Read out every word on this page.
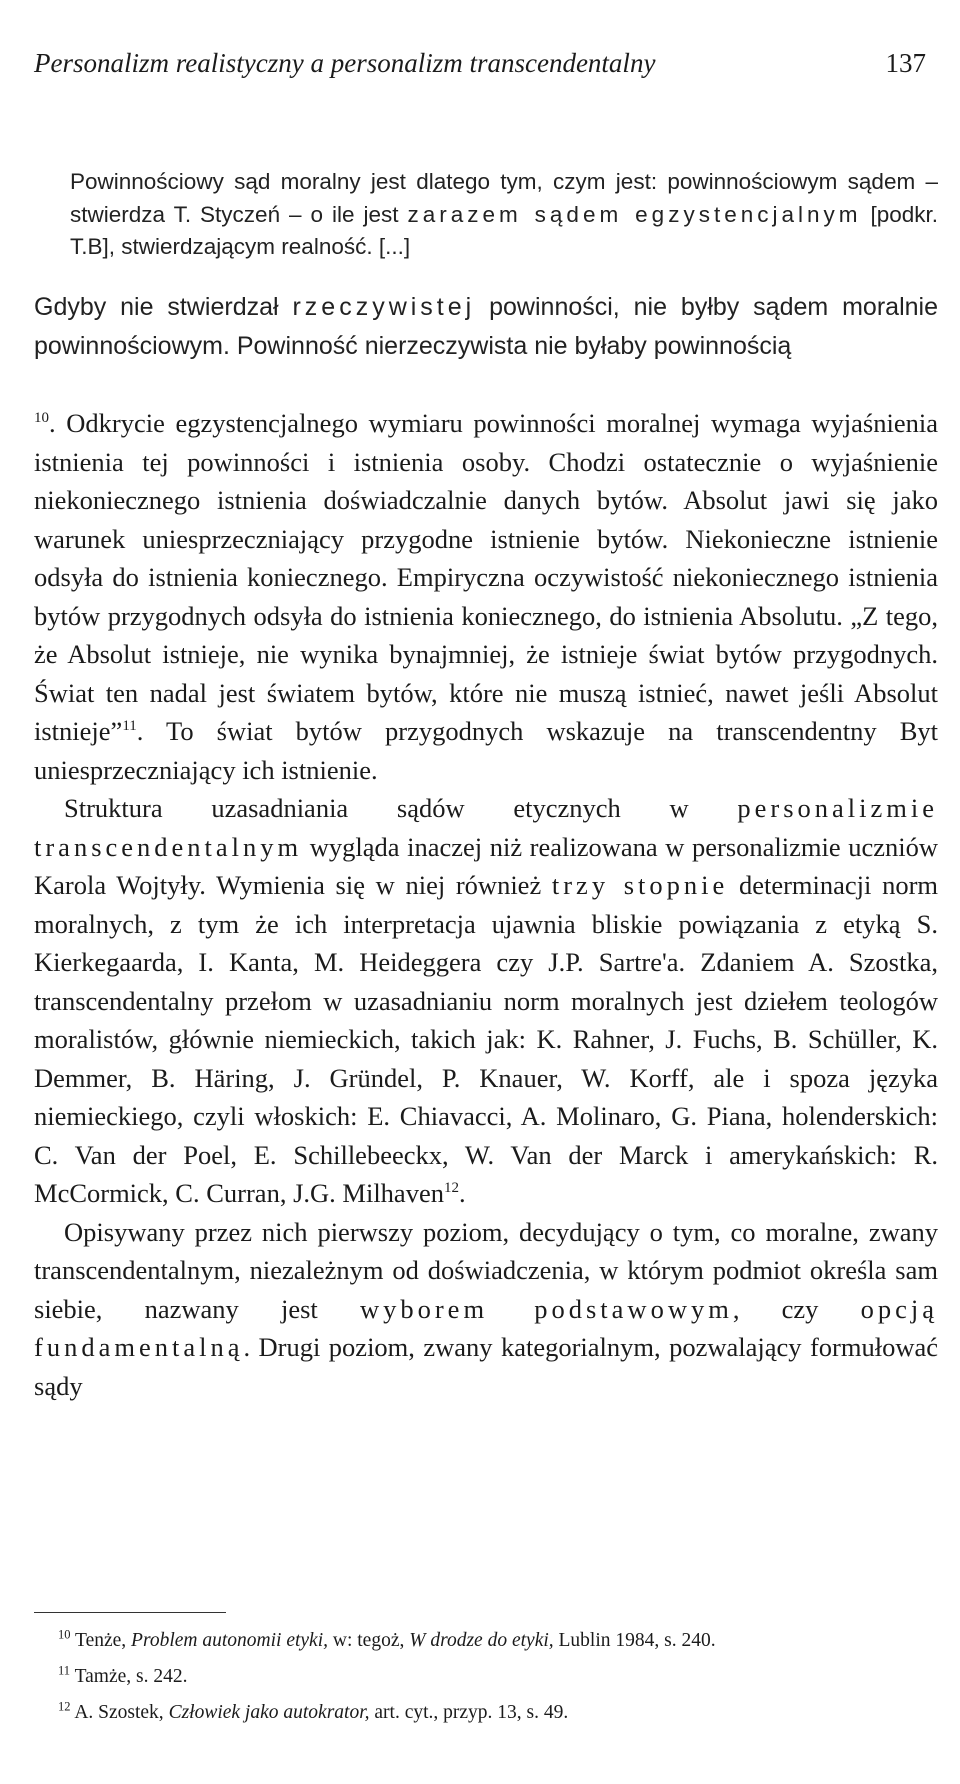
Personalizm realistyczny a personalizm transcendentalny	137
Powinnościowy sąd moralny jest dlatego tym, czym jest: powinnościowym sądem – stwierdza T. Styczeń – o ile jest zarazem sądem egzystencjalnym [podkr. T.B], stwierdzającym realność. [...]
Gdyby nie stwierdzał rzeczywistej powinności, nie byłby sądem moralnie powinnościowym. Powinność nierzeczywista nie byłaby powinnością

$^{10}$. Odkrycie egzystencjalnego wymiaru powinności moralnej wymaga wyjaśnienia istnienia tej powinności i istnienia osoby. Chodzi ostatecznie o wyjaśnienie niekoniecznego istnienia doświadczalnie danych bytów. Absolut jawi się jako warunek uniesprzeczniający przygodne istnienie bytów. Niekonieczne istnienie odsyła do istnienia koniecznego. Empiryczna oczywistość niekoniecznego istnienia bytów przygodnych odsyła do istnienia koniecznego, do istnienia Absolutu. „Z tego, że Absolut istnieje, nie wynika bynajmniej, że istnieje świat bytów przygodnych. Świat ten nadal jest światem bytów, które nie muszą istnieć, nawet jeśli Absolut istnieje”$^{11}$. To świat bytów przygodnych wskazuje na transcendentny Byt uniesprzeczniający ich istnienie.

Struktura uzasadniania sądów etycznych w personalizmie transcendentalnym wygląda inaczej niż realizowana w personalizmie uczniów Karola Wojtyły. Wymienia się w niej również trzy stopnie determinacji norm moralnych, z tym że ich interpretacja ujawnia bliskie powiązania z etyką S. Kierkegaarda, I. Kanta, M. Heideggera czy J.P. Sartre'a. Zdaniem A. Szostka, transcendentalny przełom w uzasadnianiu norm moralnych jest dziełem teologów moralistów, głównie niemieckich, takich jak: K. Rahner, J. Fuchs, B. Schüller, K. Demmer, B. Häring, J. Gründel, P. Knauer, W. Korff, ale i spoza języka niemieckiego, czyli włoskich: E. Chiavacci, A. Molinaro, G. Piana, holenderskich: C. Van der Poel, E. Schillebeeckx, W. Van der Marck i amerykańskich: R. McCormick, C. Curran, J.G. Milhaven$^{12}$.

Opisywany przez nich pierwszy poziom, decydujący o tym, co moralne, zwany transcendentalnym, niezależnym od doświadczenia, w którym podmiot określa sam siebie, nazwany jest wyborem podstawowym, czy opcją fundamentalną. Drugi poziom, zwany kategorialnym, pozwalający formułować sądy

$^{10}$ Tenże, Problem autonomii etyki, w: tegoż, W drodze do etyki, Lublin 1984, s. 240.

$^{11}$ Tamże, s. 242.

$^{12}$ A. Szostek, Człowiek jako autokrator, art. cyt., przyp. 13, s. 49.
